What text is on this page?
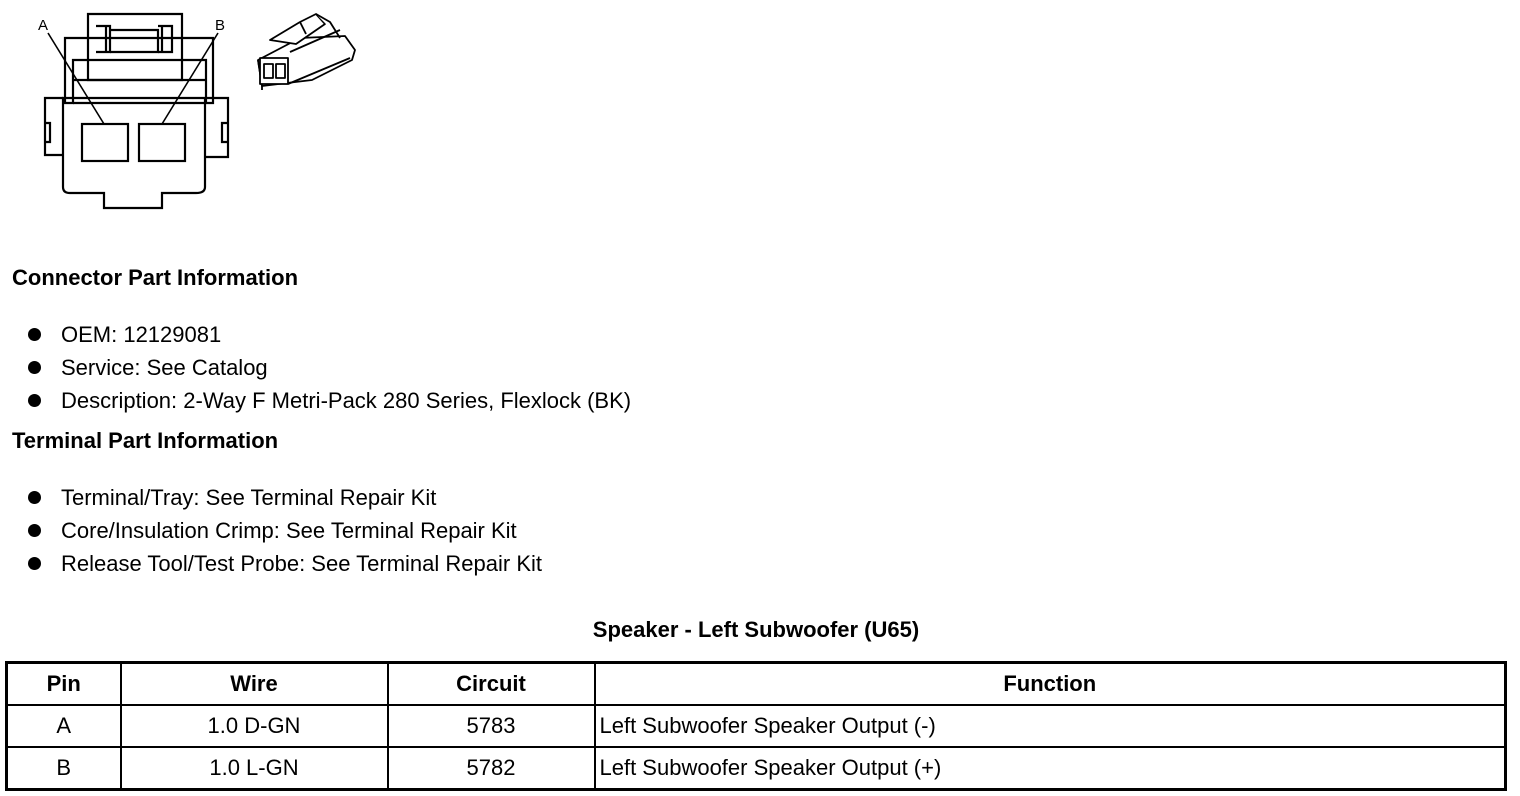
A	B
Connector Part Information
OEM: 12129081
Service: See Catalog
Description: 2-Way F Metri-Pack 280 Series, Flexlock (BK)
Terminal Part Information
Terminal/Tray: See Terminal Repair Kit
Core/Insulation Crimp: See Terminal Repair Kit
Release Tool/Test Probe: See Terminal Repair Kit
Speaker - Left Subwoofer (U65)
Pin	Wire	Circuit	Function
A	1.0 D-GN	5783	Left Subwoofer Speaker Output (-)
B	1.0 L-GN	5782	Left Subwoofer Speaker Output (+)
